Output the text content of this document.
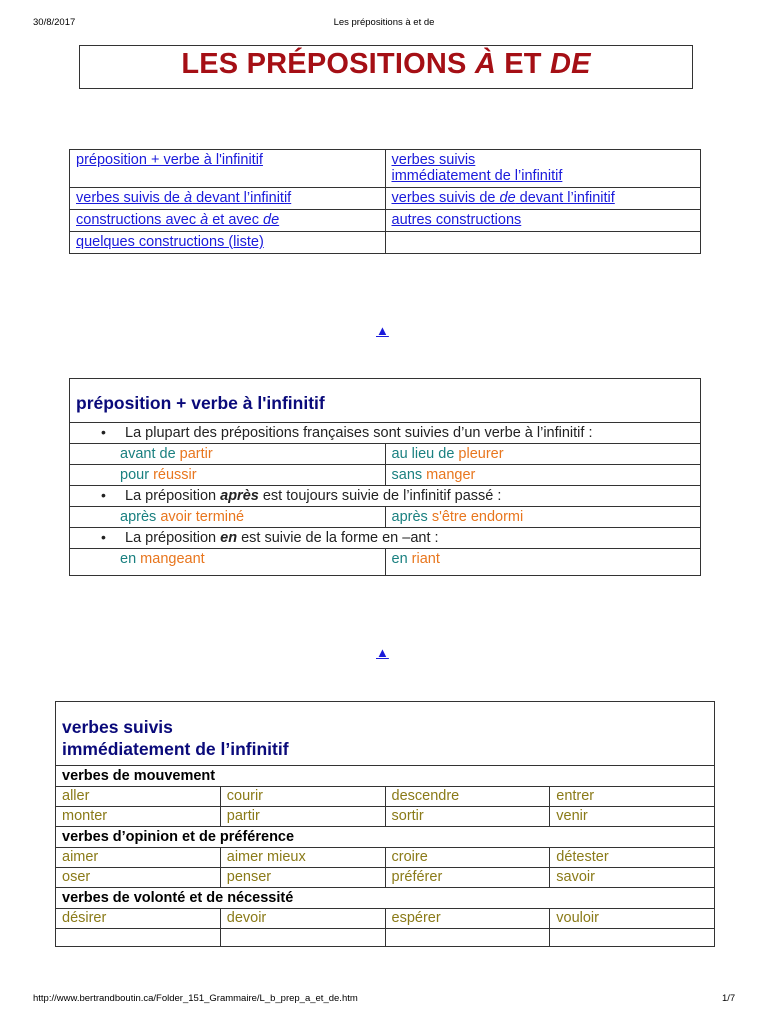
30/8/2017	Les prépositions à et de
LES PRÉPOSITIONS À ET DE
préposition + verbe à l'infinitif	verbes suivis
immédiatement de l’infinitif
verbes suivis de à devant l’infinitif	verbes suivis de de devant l’infinitif
constructions avec à et avec de	autres constructions
quelques constructions (liste)	
▲
préposition + verbe à l'infinitif	

• La plupart des prépositions françaises sont suivies d’un verbe à l’infinitif :	
avant de partir	au lieu de pleurer
pour réussir	sans manger

• La préposition après est toujours suivie de l’infinitif passé :	
après avoir terminé	après s'être endormi

• La préposition en est suivie de la forme en –ant :	
en mangeant	en riant
▲
verbes suivis
immédiatement de l’infinitif			
verbes de mouvement			
aller	courir	descendre	entrer
monter	partir	sortir	venir
verbes d’opinion et de préférence			
aimer	aimer mieux	croire	détester
oser	penser	préférer	savoir
verbes de volonté et de nécessité			
désirer	devoir	espérer	vouloir

http://www.bertrandboutin.ca/Folder_151_Grammaire/L_b_prep_a_et_de.htm	1/7
